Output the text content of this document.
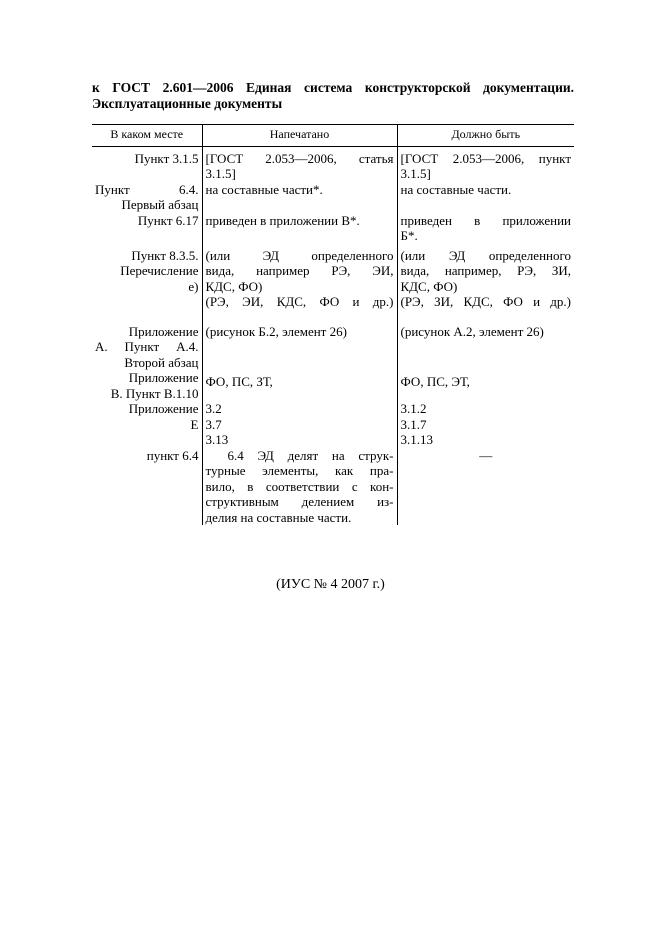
к ГОСТ 2.601—2006 Единая система конструкторской документации.
Эксплуатационные документы
В каком месте	Напечатано	Должно быть

Пункт 3.1.5	[ГОСТ 2.053—2006, статья
3.1.5]	[ГОСТ 2.053—2006, пункт
3.1.5]

Пункт 6.4.
Первый абзац	на составные части*.	на составные части.

Пункт 6.17	приведен в приложении В*.	приведен в приложении
Б*.

Пункт 8.3.5.
Перечисление
е)	(или ЭД определенного
вида, например РЭ, ЭИ,
КДС, ФО)
(РЭ, ЭИ, КДС, ФО и др.)	(или ЭД определенного
вида, например, РЭ, ЗИ,
КДС, ФО)
(РЭ, ЗИ, КДС, ФО и др.)

Приложение
А. Пункт А.4.
Второй абзац	(рисунок Б.2, элемент 26)	(рисунок А.2, элемент 26)

Приложение
В. Пункт В.1.10	ФО, ПС, ЗТ,	ФО, ПС, ЭТ,

Приложение
Е	3.2
3.7
3.13	3.1.2
3.1.7
3.1.13

пункт 6.4	6.4 ЭД делят на струк-
турные элементы, как пра-
вило, в соответствии с кон-
структивным делением из-
делия на составные части.	—

(ИУС № 4 2007 г.)
